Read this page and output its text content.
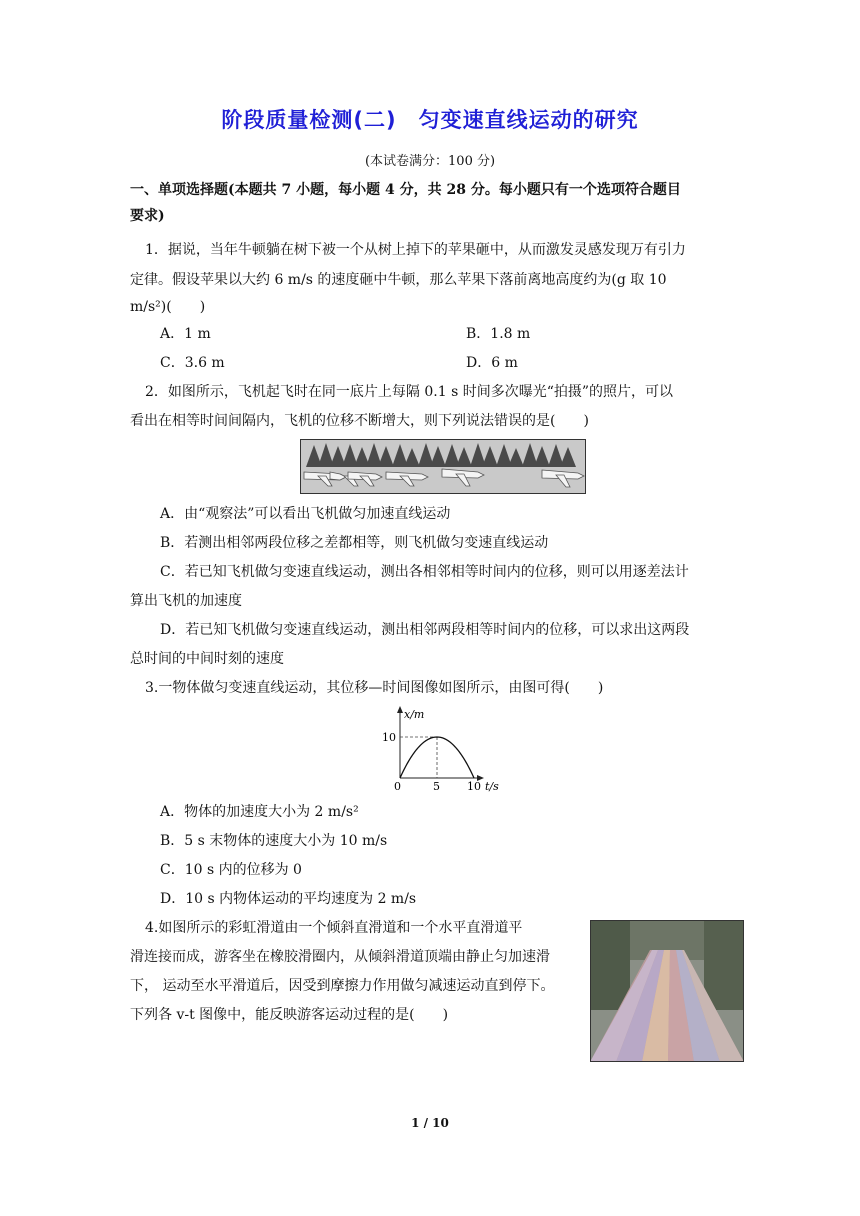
阶段质量检测(二)　匀变速直线运动的研究
(本试卷满分：100 分)
一、单项选择题(本题共 7 小题，每小题 4 分，共 28 分。每小题只有一个选项符合题目
要求)
1．据说，当年牛顿躺在树下被一个从树上掉下的苹果砸中，从而激发灵感发现万有引力
定律。假设苹果以大约 6 m/s 的速度砸中牛顿，那么苹果下落前离地高度约为(g 取 10
m/s²)(　　)
A．1 m	B．1.8 m
C．3.6 m	D．6 m
2．如图所示，飞机起飞时在同一底片上每隔 0.1 s 时间多次曝光“拍摄”的照片，可以
看出在相等时间间隔内，飞机的位移不断增大，则下列说法错误的是(　　)
A．由“观察法”可以看出飞机做匀加速直线运动
B．若测出相邻两段位移之差都相等，则飞机做匀变速直线运动
C．若已知飞机做匀变速直线运动，测出各相邻相等时间内的位移，则可以用逐差法计
算出飞机的加速度
D．若已知飞机做匀变速直线运动，测出相邻两段相等时间内的位移，可以求出这两段
总时间的中间时刻的速度
3.一物体做匀变速直线运动，其位移—时间图像如图所示，由图可得(　　)
x/m
10
0	5 10 t/s
A．物体的加速度大小为 2 m/s²
B．5 s 末物体的速度大小为 10 m/s
C．10 s 内的位移为 0
D．10 s 内物体运动的平均速度为 2 m/s
4.如图所示的彩虹滑道由一个倾斜直滑道和一个水平直滑道平
滑连接而成，游客坐在橡胶滑圈内，从倾斜滑道顶端由静止匀加速滑
下， 运动至水平滑道后，因受到摩擦力作用做匀减速运动直到停下。
下列各 v-t 图像中，能反映游客运动过程的是(　　)
1 / 10
